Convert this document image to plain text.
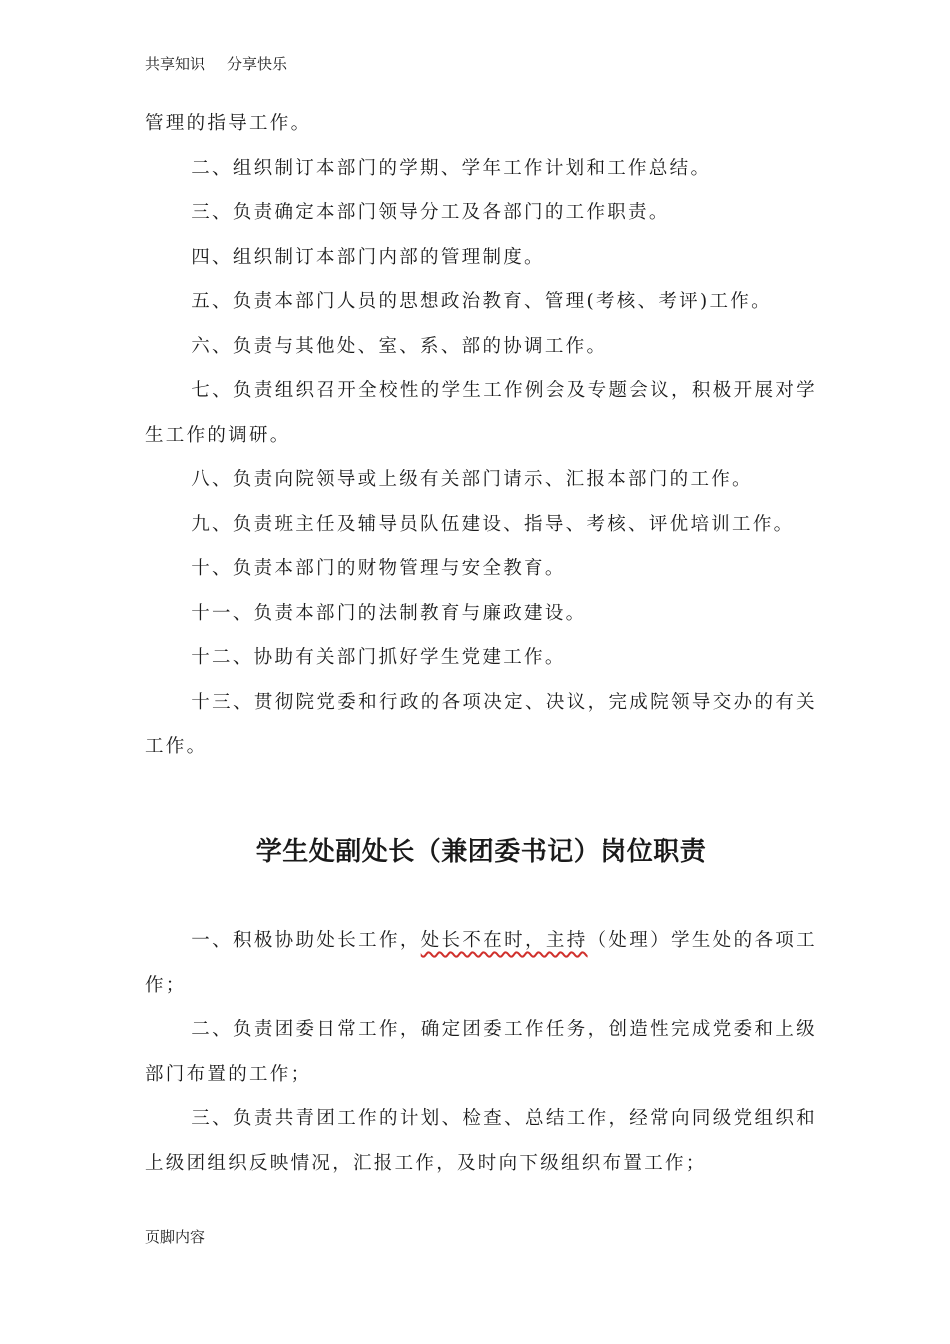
共享知识 分享快乐

管理的指导工作。

二、组织制订本部门的学期、学年工作计划和工作总结。

三、负责确定本部门领导分工及各部门的工作职责。

四、组织制订本部门内部的管理制度。

五、负责本部门人员的思想政治教育、管理(考核、考评)工作。

六、负责与其他处、室、系、部的协调工作。

七、负责组织召开全校性的学生工作例会及专题会议，积极开展对学生工作的调研。

八、负责向院领导或上级有关部门请示、汇报本部门的工作。

九、负责班主任及辅导员队伍建设、指导、考核、评优培训工作。

十、负责本部门的财物管理与安全教育。

十一、负责本部门的法制教育与廉政建设。

十二、协助有关部门抓好学生党建工作。

十三、贯彻院党委和行政的各项决定、决议，完成院领导交办的有关工作。

学生处副处长（兼团委书记）岗位职责

一、积极协助处长工作，处长不在时，主持（处理）学生处的各项工作；

二、负责团委日常工作，确定团委工作任务，创造性完成党委和上级部门布置的工作；

三、负责共青团工作的计划、检查、总结工作，经常向同级党组织和上级团组织反映情况，汇报工作，及时向下级组织布置工作；

页脚内容
